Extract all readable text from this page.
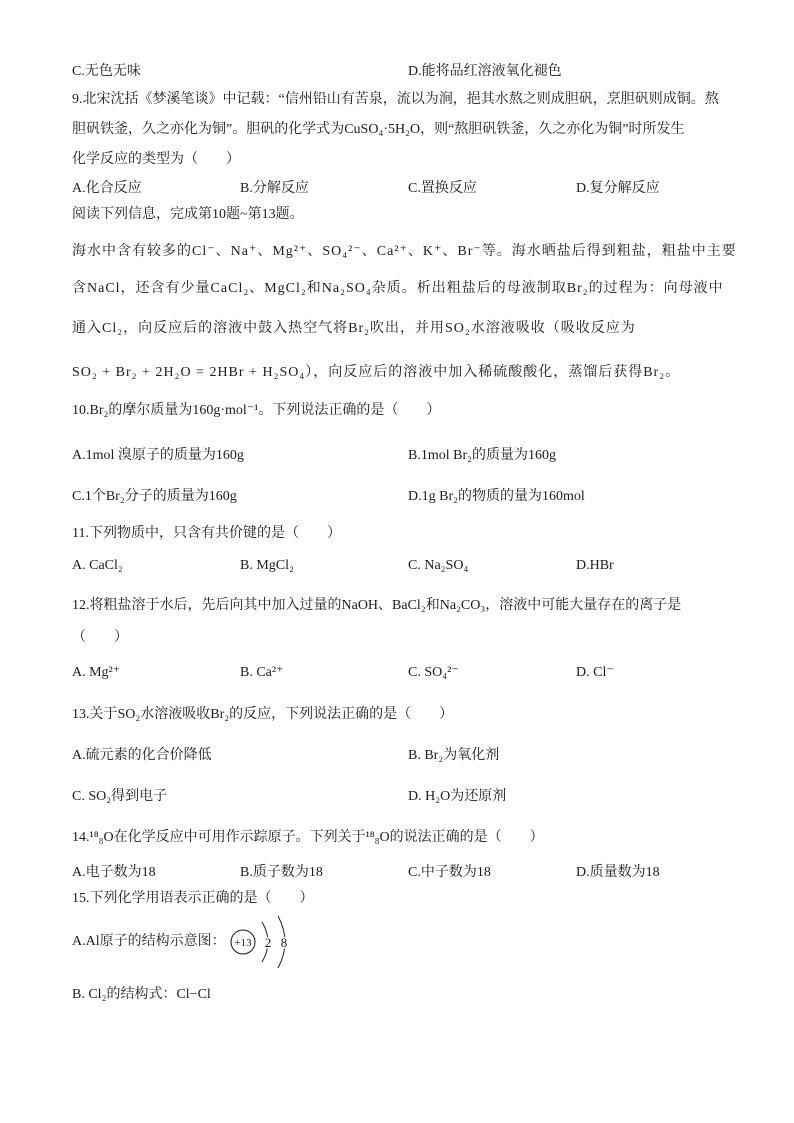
C.无色无味	D.能将品红溶液氧化褪色
9.北宋沈括《梦溪笔谈》中记载：“信州铅山有苦泉，流以为涧，挹其水熬之则成胆矾，烹胆矾则成铜。熬
胆矾铁釜，久之亦化为铜”。胆矾的化学式为CuSO₄·5H₂O，则“熬胆矾铁釜，久之亦化为铜”时所发生
化学反应的类型为（　　）
A.化合反应	B.分解反应	C.置换反应	D.复分解反应
阅读下列信息，完成第10题~第13题。
海水中含有较多的Cl⁻、Na⁺、Mg²⁺、SO₄²⁻、Ca²⁺、K⁺、Br⁻等。海水晒盐后得到粗盐，粗盐中主要
含NaCl，还含有少量CaCl₂、MgCl₂和Na₂SO₄杂质。析出粗盐后的母液制取Br₂的过程为：向母液中
通入Cl₂，向反应后的溶液中鼓入热空气将Br₂吹出，并用SO₂水溶液吸收（吸收反应为
SO₂ + Br₂ + 2H₂O = 2HBr + H₂SO₄），向反应后的溶液中加入稀硫酸酸化，蒸馏后获得Br₂。
10.Br₂的摩尔质量为160g·mol⁻¹。下列说法正确的是（　　）
A.1mol 溴原子的质量为160g	B.1mol Br₂的质量为160g
C.1个Br₂分子的质量为160g	D.1g Br₂的物质的量为160mol
11.下列物质中，只含有共价键的是（　　）
A. CaCl₂	B. MgCl₂	C. Na₂SO₄	D.HBr
12.将粗盐溶于水后，先后向其中加入过量的NaOH、BaCl₂和Na₂CO₃，溶液中可能大量存在的离子是
（　　）
A. Mg²⁺	B. Ca²⁺	C. SO₄²⁻	D. Cl⁻
13.关于SO₂水溶液吸收Br₂的反应，下列说法正确的是（　　）
A.硫元素的化合价降低	B. Br₂为氧化剂
C. SO₂得到电子	D. H₂O为还原剂
14.¹⁸₈O在化学反应中可用作示踪原子。下列关于¹⁸₈O的说法正确的是（　　）
A.电子数为18	B.质子数为18	C.中子数为18	D.质量数为18
15.下列化学用语表示正确的是（　　）
A.Al原子的结构示意图： +13 2 8
B. Cl₂的结构式：Cl−Cl
